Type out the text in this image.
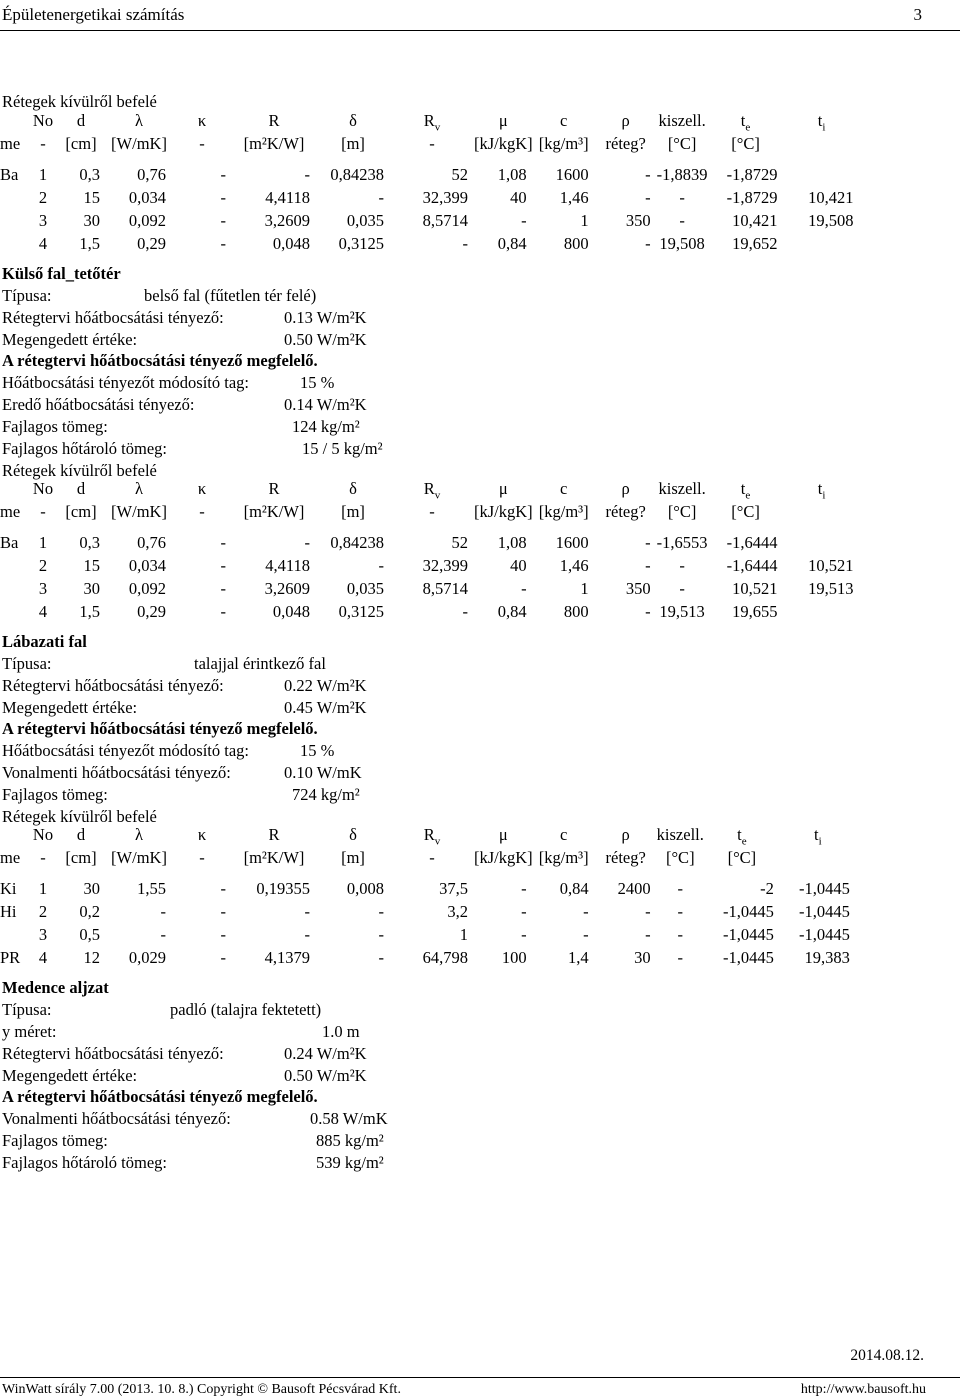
Épületenergetikai számítás	3
Rétegek kívülről befelé
	No	d	λ	κ	R	δ	$R_v$	μ	c	ρ	kiszell.	$t_e$	$t_i$
me	-	[cm]	[W/mK]	-	[m²K/W]	[m]	-	[kJ/kgK]	[kg/m³]	réteg?	[°C]	[°C]	

Ba	1	0,3	0,76	-	-	0,84238	52	1,08	1600	-	-1,8839	-1,8729	
	2	15	0,034	-	4,4118	-	32,399	40	1,46	-	-	-1,8729	10,421
	3	30	0,092	-	3,2609	0,035	8,5714	-	1	350	-	10,421	19,508
	4	1,5	0,29	-	0,048	0,3125	-	0,84	800	-	19,508	19,652	
Külső fal_tetőtér
Típusa:	belső fal (fűtetlen tér felé)
Rétegtervi hőátbocsátási tényező:	0.13 W/m²K
Megengedett értéke:	0.50 W/m²K
A rétegtervi hőátbocsátási tényező megfelelő.
Hőátbocsátási tényezőt módosító tag:	15 %
Eredő hőátbocsátási tényező:	0.14 W/m²K
Fajlagos tömeg:	124 kg/m²
Fajlagos hőtároló tömeg:	15 / 5 kg/m²
Rétegek kívülről befelé
	No	d	λ	κ	R	δ	$R_v$	μ	c	ρ	kiszell.	$t_e$	$t_i$
me	-	[cm]	[W/mK]	-	[m²K/W]	[m]	-	[kJ/kgK]	[kg/m³]	réteg?	[°C]	[°C]	

Ba	1	0,3	0,76	-	-	0,84238	52	1,08	1600	-	-1,6553	-1,6444	
	2	15	0,034	-	4,4118	-	32,399	40	1,46	-	-	-1,6444	10,521
	3	30	0,092	-	3,2609	0,035	8,5714	-	1	350	-	10,521	19,513
	4	1,5	0,29	-	0,048	0,3125	-	0,84	800	-	19,513	19,655	
Lábazati fal
Típusa:	talajjal érintkező fal
Rétegtervi hőátbocsátási tényező:	0.22 W/m²K
Megengedett értéke:	0.45 W/m²K
A rétegtervi hőátbocsátási tényező megfelelő.
Hőátbocsátási tényezőt módosító tag:	15 %
Vonalmenti hőátbocsátási tényező:	0.10 W/mK
Fajlagos tömeg:	724 kg/m²
Rétegek kívülről befelé
	No	d	λ	κ	R	δ	$R_v$	μ	c	ρ	kiszell.	$t_e$	$t_i$
me	-	[cm]	[W/mK]	-	[m²K/W]	[m]	-	[kJ/kgK]	[kg/m³]	réteg?	[°C]	[°C]	

Ki	1	30	1,55	-	0,19355	0,008	37,5	-	0,84	2400	-	-2	-1,0445
Hi	2	0,2	-	-	-	-	3,2	-	-	-	-	-1,0445	-1,0445
	3	0,5	-	-	-	-	1	-	-	-	-	-1,0445	-1,0445
PR	4	12	0,029	-	4,1379	-	64,798	100	1,4	30	-	-1,0445	19,383
Medence aljzat
Típusa:	padló (talajra fektetett)
y méret:	1.0 m
Rétegtervi hőátbocsátási tényező:	0.24 W/m²K
Megengedett értéke:	0.50 W/m²K
A rétegtervi hőátbocsátási tényező megfelelő.
Vonalmenti hőátbocsátási tényező:	0.58 W/mK
Fajlagos tömeg:	885 kg/m²
Fajlagos hőtároló tömeg:	539 kg/m²
2014.08.12.
WinWatt sírály 7.00 (2013. 10. 8.) Copyright © Bausoft Pécsvárad Kft.	http://www.bausoft.hu
